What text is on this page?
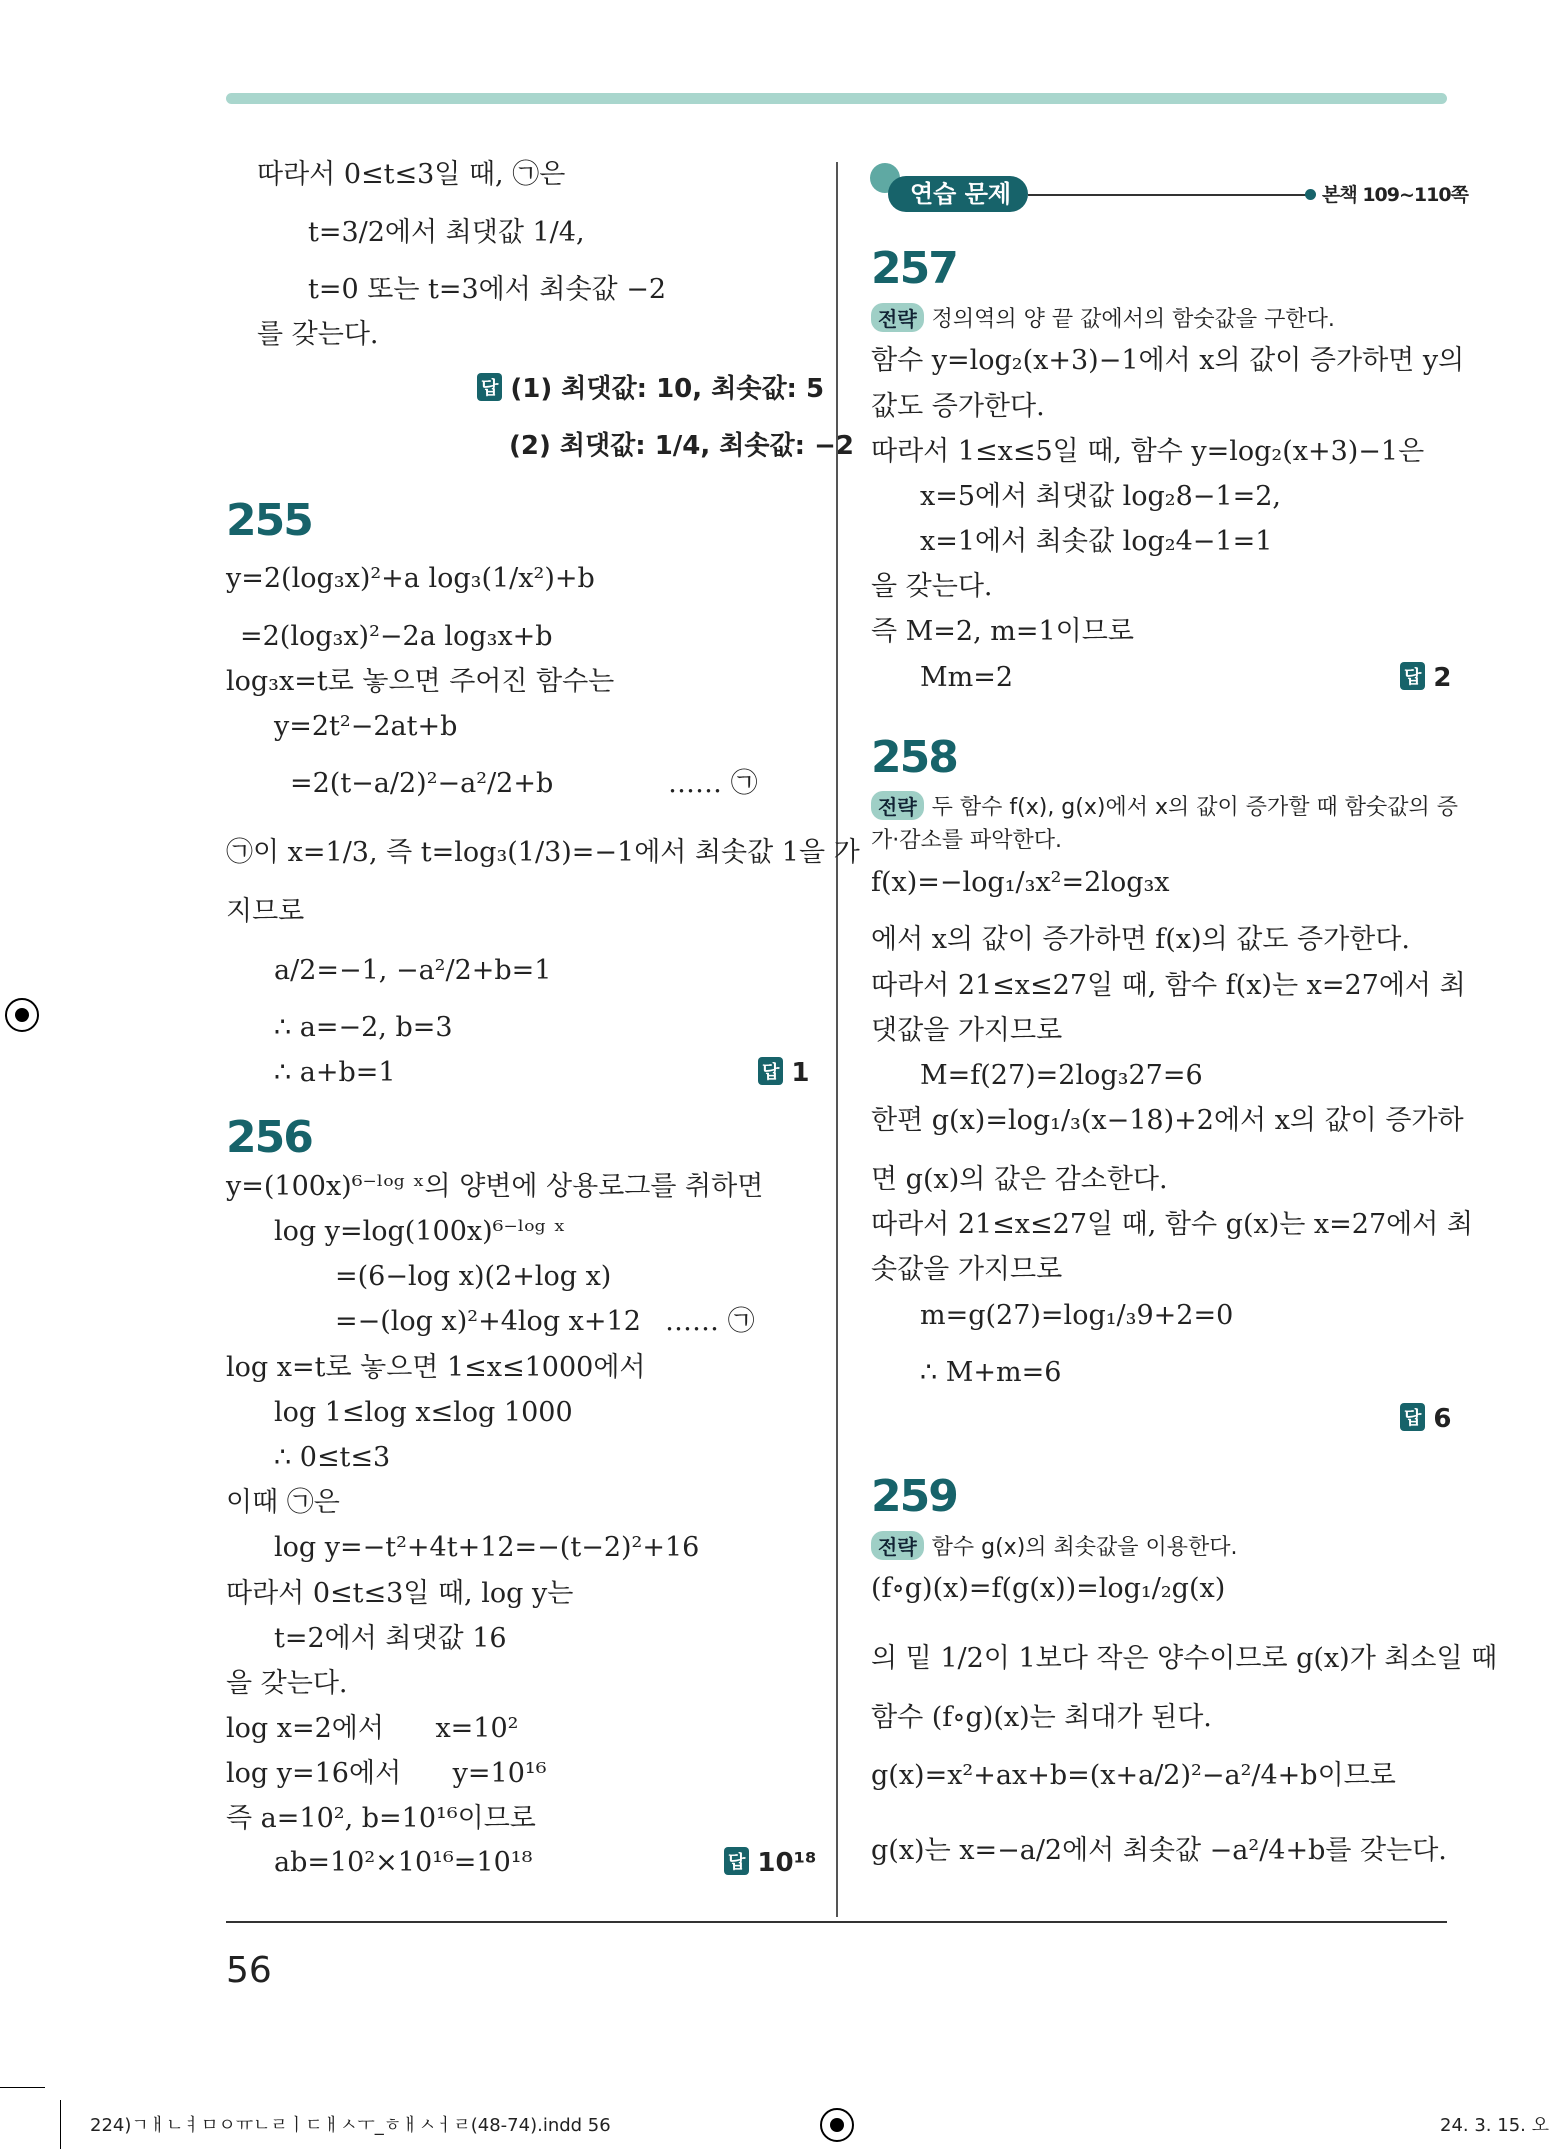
따라서 0≤t≤3일 때, ㉠은
t=3/2에서 최댓값 1/4,
t=0 또는 t=3에서 최솟값 −2
를 갖는다.
답 (1) 최댓값: 10, 최솟값: 5
(2) 최댓값: 1/4, 최솟값: −2
255
y=2(log₃x)²+a log₃(1/x²)+b
=2(log₃x)²−2a log₃x+b
log₃x=t로 놓으면 주어진 함수는
y=2t²−2at+b
=2(t−a/2)²−a²/2+b	…… ㉠
㉠이 x=1/3, 즉 t=log₃(1/3)=−1에서 최솟값 1을 가
지므로
a/2=−1, −a²/2+b=1
∴ a=−2, b=3
∴ a+b=1	답 1
256
y=(100x)⁶⁻ˡᵒᵍ ˣ의 양변에 상용로그를 취하면
log y=log(100x)⁶⁻ˡᵒᵍ ˣ
=(6−log x)(2+log x)
=−(log x)²+4log x+12 …… ㉠
log x=t로 놓으면 1≤x≤1000에서
log 1≤log x≤log 1000
∴ 0≤t≤3
이때 ㉠은
log y=−t²+4t+12=−(t−2)²+16
따라서 0≤t≤3일 때, log y는
t=2에서 최댓값 16
을 갖는다.
log x=2에서      x=10²
log y=16에서      y=10¹⁶
즉 a=10², b=10¹⁶이므로
ab=10²×10¹⁶=10¹⁸	답 10¹⁸
연습 문제	본책 109~110쪽
257
전략 정의역의 양 끝 값에서의 함숫값을 구한다.
함수 y=log₂(x+3)−1에서 x의 값이 증가하면 y의
값도 증가한다.
따라서 1≤x≤5일 때, 함수 y=log₂(x+3)−1은
x=5에서 최댓값 log₂8−1=2,
x=1에서 최솟값 log₂4−1=1
을 갖는다.
즉 M=2, m=1이므로
Mm=2	답 2
258
전략 두 함수 f(x), g(x)에서 x의 값이 증가할 때 함숫값의 증
가·감소를 파악한다.
f(x)=−log₁/₃x²=2log₃x
에서 x의 값이 증가하면 f(x)의 값도 증가한다.
따라서 21≤x≤27일 때, 함수 f(x)는 x=27에서 최
댓값을 가지므로
M=f(27)=2log₃27=6
한편 g(x)=log₁/₃(x−18)+2에서 x의 값이 증가하
면 g(x)의 값은 감소한다.
따라서 21≤x≤27일 때, 함수 g(x)는 x=27에서 최
솟값을 가지므로
m=g(27)=log₁/₃9+2=0
∴ M+m=6
답 6
259
전략 함수 g(x)의 최솟값을 이용한다.
(f∘g)(x)=f(g(x))=log₁/₂g(x)
의 밑 1/2이 1보다 작은 양수이므로 g(x)가 최소일 때
함수 (f∘g)(x)는 최대가 된다.
g(x)=x²+ax+b=(x+a/2)²−a²/4+b이므로
g(x)는 x=−a/2에서 최솟값 −a²/4+b를 갖는다.
56
224)ㄱㅐㄴㅕㅁㅇㅠㄴㄹㅣㄷㅐㅅㅜ_ㅎㅐㅅㅓㄹ(48-74).indd 56	24. 3. 15. 오
